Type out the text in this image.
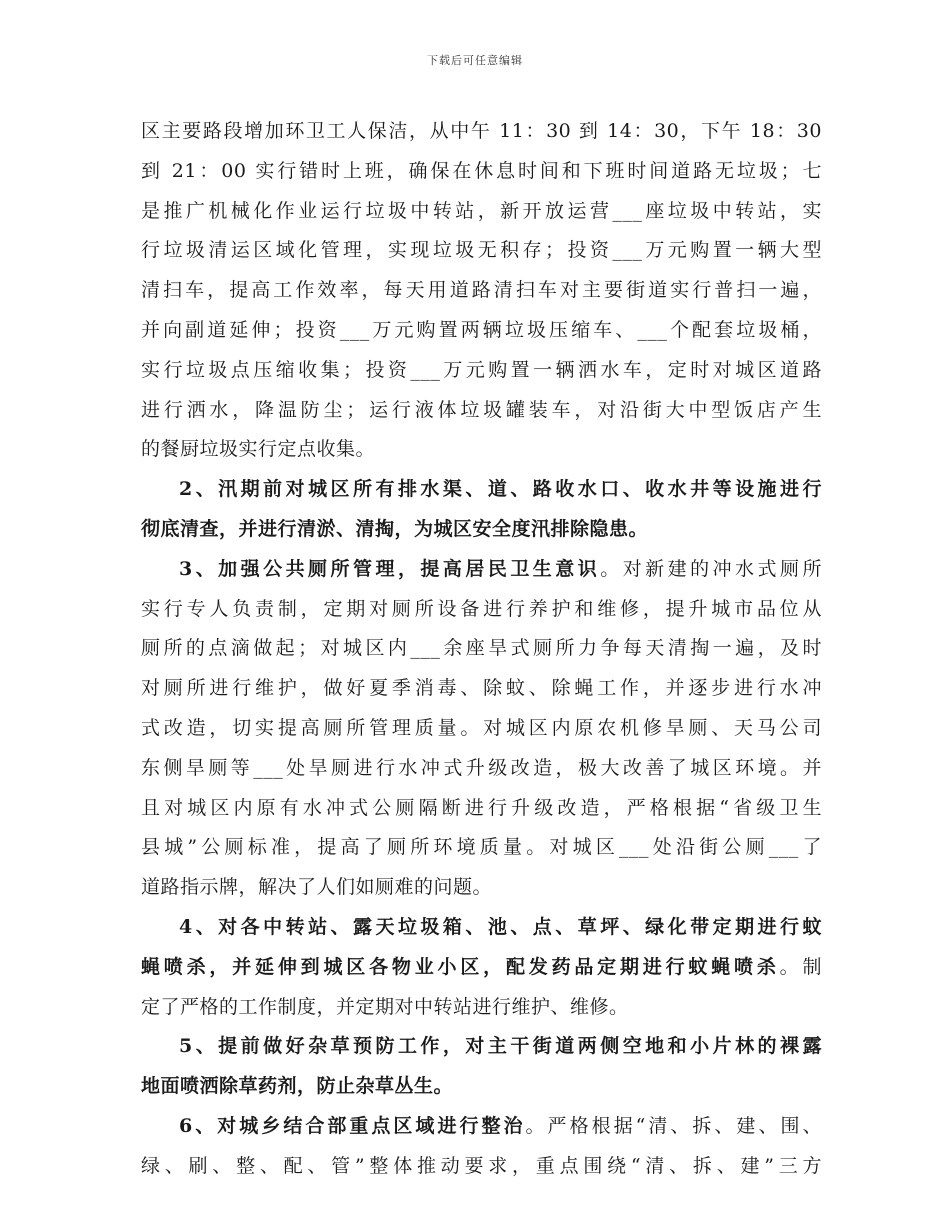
下载后可任意编辑
区主要路段增加环卫工人保洁，从中午 11：30 到 14：30，下午 18：30
到 21：00 实行错时上班，确保在休息时间和下班时间道路无垃圾；七
是推广机械化作业运行垃圾中转站，新开放运营___座垃圾中转站，实
行垃圾清运区域化管理，实现垃圾无积存；投资___万元购置一辆大型
清扫车，提高工作效率，每天用道路清扫车对主要街道实行普扫一遍，
并向副道延伸；投资___万元购置两辆垃圾压缩车、___个配套垃圾桶，
实行垃圾点压缩收集；投资___万元购置一辆洒水车，定时对城区道路
进行洒水，降温防尘；运行液体垃圾罐装车，对沿街大中型饭店产生
的餐厨垃圾实行定点收集。
2、汛期前对城区所有排水渠、道、路收水口、收水井等设施进行
彻底清查，并进行清淤、清掏，为城区安全度汛排除隐患。
3、加强公共厕所管理，提高居民卫生意识。对新建的冲水式厕所
实行专人负责制，定期对厕所设备进行养护和维修，提升城市品位从
厕所的点滴做起；对城区内___余座旱式厕所力争每天清掏一遍，及时
对厕所进行维护，做好夏季消毒、除蚊、除蝇工作，并逐步进行水冲
式改造，切实提高厕所管理质量。对城区内原农机修旱厕、天马公司
东侧旱厕等___处旱厕进行水冲式升级改造，极大改善了城区环境。并
且对城区内原有水冲式公厕隔断进行升级改造，严格根据“省级卫生
县城”公厕标准，提高了厕所环境质量。对城区___处沿街公厕___了
道路指示牌，解决了人们如厕难的问题。
4、对各中转站、露天垃圾箱、池、点、草坪、绿化带定期进行蚊
蝇喷杀，并延伸到城区各物业小区，配发药品定期进行蚊蝇喷杀。制
定了严格的工作制度，并定期对中转站进行维护、维修。
5、提前做好杂草预防工作，对主干街道两侧空地和小片林的裸露
地面喷洒除草药剂，防止杂草丛生。
6、对城乡结合部重点区域进行整治。严格根据“清、拆、建、围、
绿、刷、整、配、管”整体推动要求，重点围绕“清、拆、建”三方
